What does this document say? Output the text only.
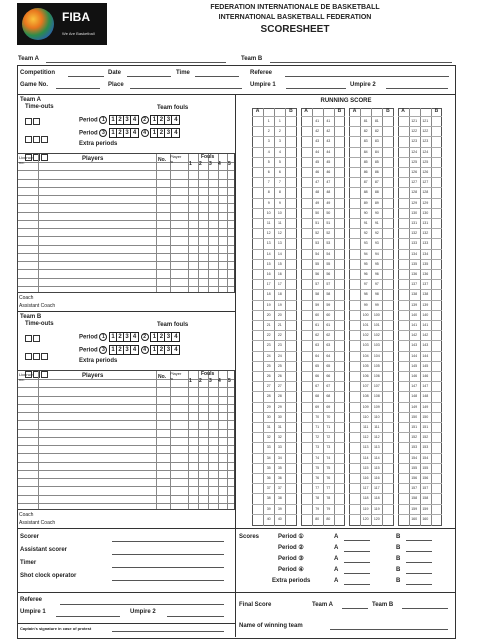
FIBA
We Are Basketball
FEDERATION INTERNATIONALE DE BASKETBALL
INTERNATIONAL BASKETBALL FEDERATION
SCORESHEET
Team A	Team B
Competition	Date	Time	Referee
Game No.	Place	Umpire 1	Umpire 2
Team A
Time-outs	Team fouls

Period 1 1 2 3 4 2 1 2 3 4
Period 3 1 2 3 4 4 1 2 3 4
Extra periods
Licence no.
Players	No.
Player in
Fouls
1 2 3 4 5
Coach
Assistant Coach
Team B
Time-outs	Team fouls

Period 1 1 2 3 4 2 1 2 3 4
Period 3 1 2 3 4 4 1 2 3 4
Extra periods
Licence no.
Players	No.
Player in
Fouls
1 2 3 4 5
Coach
Assistant Coach
RUNNING SCORE
A	B
1	1
2	2
3	3
4	4
5	5
6	6
7	7
8	8
9	9
10	10
11	11
12	12
13	13
14	14
15	15
16	16
17	17
18	18
19	19
20	20
21	21
22	22
23	23
24	24
25	25
26	26
27	27
28	28
29	29
30	30
31	31
32	32
33	33
34	34
35	35
36	36
37	37
38	38
39	39
40	40
A	B
41	41
42	42
43	43
44	44
45	45
46	46
47	47
48	48
49	49
50	50
51	51
52	52
53	53
54	54
55	55
56	56
57	57
58	58
59	59
60	60
61	61
62	62
63	63
64	64
65	65
66	66
67	67
68	68
69	69
70	70
71	71
72	72
73	73
74	74
75	75
76	76
77	77
78	78
79	79
80	80
A	B
81	81
82	82
83	83
84	84
85	85
86	86
87	87
88	88
89	89
90	90
91	91
92	92
93	93
94	94
95	95
96	96
97	97
98	98
99	99
100	100
101	101
102	102
103	103
104	104
105	105
106	106
107	107
108	108
109	109
110	110
111	111
112	112
113	113
114	114
115	115
116	116
117	117
118	118
119	119
120	120
A	B
121	121
122	122
123	123
124	124
125	125
126	126
127	127
128	128
129	129
130	130
131	131
132	132
133	133
134	134
135	135
136	136
137	137
138	138
139	139
140	140
141	141
142	142
143	143
144	144
145	145
146	146
147	147
148	148
149	149
150	150
151	151
152	152
153	153
154	154
155	155
156	156
157	157
158	158
159	159
160	160
Scorer
Assistant scorer
Timer
Shot clock operator
Referee
Umpire 1	Umpire 2
Captain's signature in case of protest
Scores	Period ①	A	B
Period ②	A	B
Period ③	A	B
Period ④	A	B
Extra periods	A	B
Final Score	Team A	Team B
Name of winning team
